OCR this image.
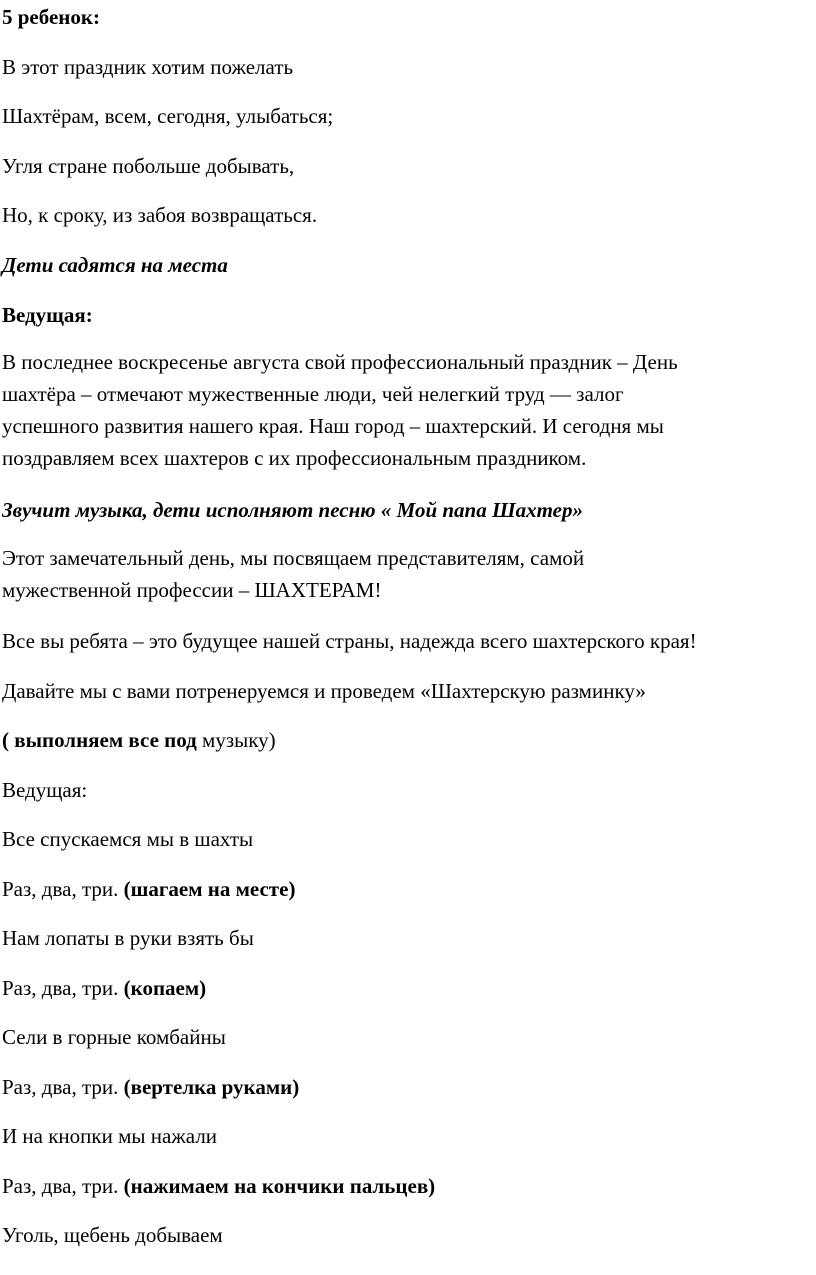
5 ребенок:

В этот праздник хотим пожелать

Шахтёрам, всем, сегодня, улыбаться;

Угля стране побольше добывать,

Но, к сроку, из забоя возвращаться.

Дети садятся на места

Ведущая:

В последнее воскресенье августа свой профессиональный праздник – День
шахтёра – отмечают мужественные люди, чей нелегкий труд — залог
успешного развития нашего края. Наш город – шахтерский. И сегодня мы
поздравляем всех шахтеров с их профессиональным праздником.

Звучит музыка, дети исполняют песню « Мой папа Шахтер»

Этот замечательный день, мы посвящаем представителям, самой
мужественной профессии – ШАХТЕРАМ!

Все вы ребята – это будущее нашей страны, надежда всего шахтерского края!

Давайте мы с вами потренеруемся и проведем «Шахтерскую разминку»

( выполняем все под музыку)

Ведущая:

Все спускаемся мы в шахты

Раз, два, три. (шагаем на месте)

Нам лопаты в руки взять бы

Раз, два, три. (копаем)

Сели в горные комбайны

Раз, два, три. (вертелка руками)

И на кнопки мы нажали

Раз, два, три. (нажимаем на кончики пальцев)

Уголь, щебень добываем
